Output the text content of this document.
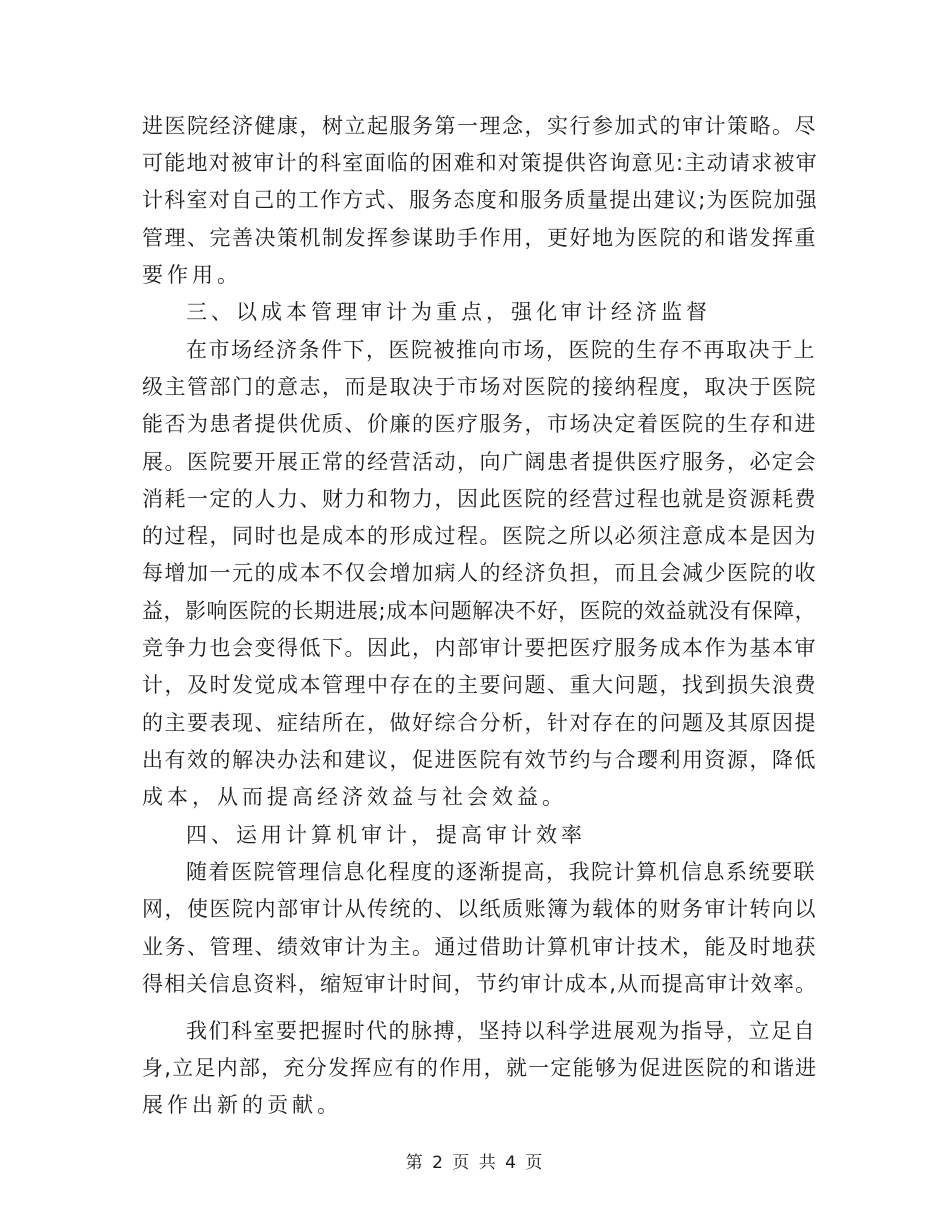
进医院经济健康，树立起服务第一理念，实行参加式的审计策略。尽
可能地对被审计的科室面临的困难和对策提供咨询意见:主动请求被审
计科室对自己的工作方式、服务态度和服务质量提出建议;为医院加强
管理、完善决策机制发挥参谋助手作用，更好地为医院的和谐发挥重
要作用。
三、以成本管理审计为重点，强化审计经济监督
在市场经济条件下，医院被推向市场，医院的生存不再取决于上
级主管部门的意志，而是取决于市场对医院的接纳程度，取决于医院
能否为患者提供优质、价廉的医疗服务，市场决定着医院的生存和进
展。医院要开展正常的经营活动，向广阔患者提供医疗服务，必定会
消耗一定的人力、财力和物力，因此医院的经营过程也就是资源耗费
的过程，同时也是成本的形成过程。医院之所以必须注意成本是因为
每增加一元的成本不仅会增加病人的经济负担，而且会减少医院的收
益，影响医院的长期进展;成本问题解决不好，医院的效益就没有保障，
竞争力也会变得低下。因此，内部审计要把医疗服务成本作为基本审
计，及时发觉成本管理中存在的主要问题、重大问题，找到损失浪费
的主要表现、症结所在，做好综合分析，针对存在的问题及其原因提
出有效的解决办法和建议，促进医院有效节约与合璎利用资源，降低
成本，从而提高经济效益与社会效益。
四、运用计算机审计，提高审计效率
随着医院管理信息化程度的逐渐提高，我院计算机信息系统要联
网，使医院内部审计从传统的、以纸质账簿为载体的财务审计转向以
业务、管理、绩效审计为主。通过借助计算机审计技术，能及时地获
得相关信息资料，缩短审计时间，节约审计成本,从而提高审计效率。
我们科室要把握时代的脉搏，坚持以科学进展观为指导，立足自
身,立足内部，充分发挥应有的作用，就一定能够为促进医院的和谐进
展作出新的贡献。
第 2 页 共 4 页
